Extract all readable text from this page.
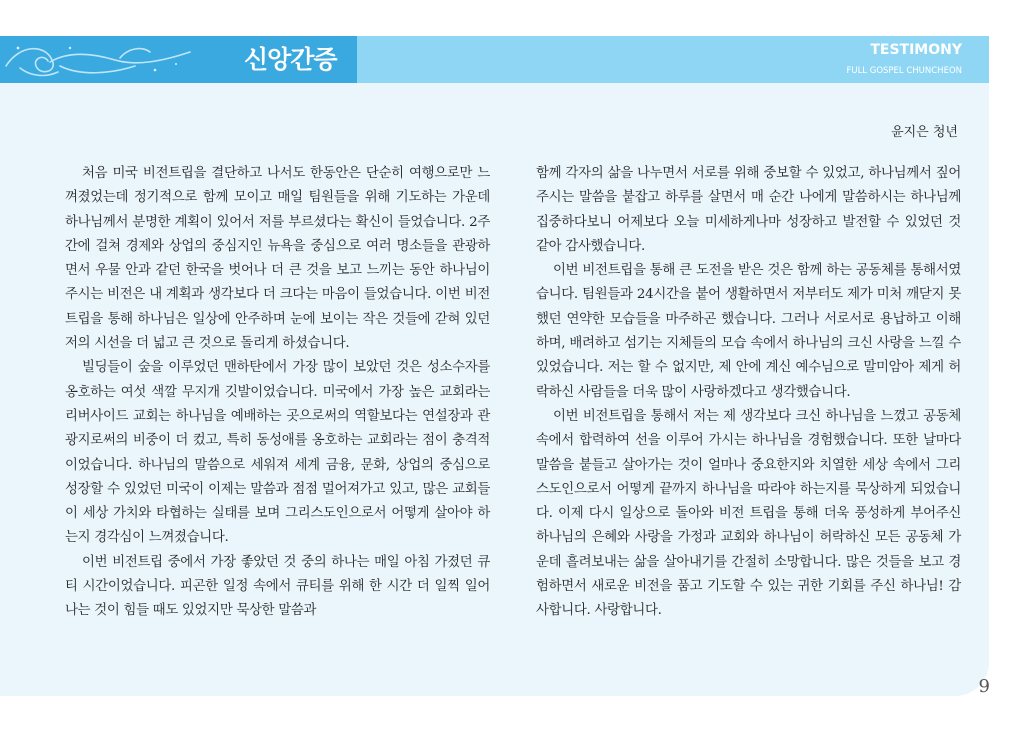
신앙간증	TESTIMONY
FULL GOSPEL CHUNCHEON
윤지은 청년

처음 미국 비전트립을 결단하고 나서도 한동안은 단순히 여행으로만 느껴졌었는데 정기적으로 함께 모이고 매일 팀원들을 위해 기도하는 가운데 하나님께서 분명한 계획이 있어서 저를 부르셨다는 확신이 들었습니다. 2주간에 걸쳐 경제와 상업의 중심지인 뉴욕을 중심으로 여러 명소들을 관광하면서 우물 안과 같던 한국을 벗어나 더 큰 것을 보고 느끼는 동안 하나님이 주시는 비전은 내 계획과 생각보다 더 크다는 마음이 들었습니다. 이번 비전트립을 통해 하나님은 일상에 안주하며 눈에 보이는 작은 것들에 갇혀 있던 저의 시선을 더 넓고 큰 것으로 돌리게 하셨습니다.

빌딩들이 숲을 이루었던 맨하탄에서 가장 많이 보았던 것은 성소수자를 옹호하는 여섯 색깔 무지개 깃발이었습니다. 미국에서 가장 높은 교회라는 리버사이드 교회는 하나님을 예배하는 곳으로써의 역할보다는 연설장과 관광지로써의 비중이 더 컸고, 특히 동성애를 옹호하는 교회라는 점이 충격적이었습니다. 하나님의 말씀으로 세워져 세계 금융, 문화, 상업의 중심으로 성장할 수 있었던 미국이 이제는 말씀과 점점 멀어져가고 있고, 많은 교회들이 세상 가치와 타협하는 실태를 보며 그리스도인으로서 어떻게 살아야 하는지 경각심이 느껴졌습니다.

이번 비전트립 중에서 가장 좋았던 것 중의 하나는 매일 아침 가졌던 큐티 시간이었습니다. 피곤한 일정 속에서 큐티를 위해 한 시간 더 일찍 일어나는 것이 힘들 때도 있었지만 묵상한 말씀과

함께 각자의 삶을 나누면서 서로를 위해 중보할 수 있었고, 하나님께서 짚어주시는 말씀을 붙잡고 하루를 살면서 매 순간 나에게 말씀하시는 하나님께 집중하다보니 어제보다 오늘 미세하게나마 성장하고 발전할 수 있었던 것 같아 감사했습니다.

이번 비전트립을 통해 큰 도전을 받은 것은 함께 하는 공동체를 통해서였습니다. 팀원들과 24시간을 붙어 생활하면서 저부터도 제가 미처 깨닫지 못했던 연약한 모습들을 마주하곤 했습니다. 그러나 서로서로 용납하고 이해하며, 배려하고 섬기는 지체들의 모습 속에서 하나님의 크신 사랑을 느낄 수 있었습니다. 저는 할 수 없지만, 제 안에 계신 예수님으로 말미암아 제게 허락하신 사람들을 더욱 많이 사랑하겠다고 생각했습니다.

이번 비전트립을 통해서 저는 제 생각보다 크신 하나님을 느꼈고 공동체 속에서 합력하여 선을 이루어 가시는 하나님을 경험했습니다. 또한 날마다 말씀을 붙들고 살아가는 것이 얼마나 중요한지와 치열한 세상 속에서 그리스도인으로서 어떻게 끝까지 하나님을 따라야 하는지를 묵상하게 되었습니다. 이제 다시 일상으로 돌아와 비전 트립을 통해 더욱 풍성하게 부어주신 하나님의 은혜와 사랑을 가정과 교회와 하나님이 허락하신 모든 공동체 가운데 흘려보내는 삶을 살아내기를 간절히 소망합니다. 많은 것들을 보고 경험하면서 새로운 비전을 품고 기도할 수 있는 귀한 기회를 주신 하나님! 감사합니다. 사랑합니다.

9
